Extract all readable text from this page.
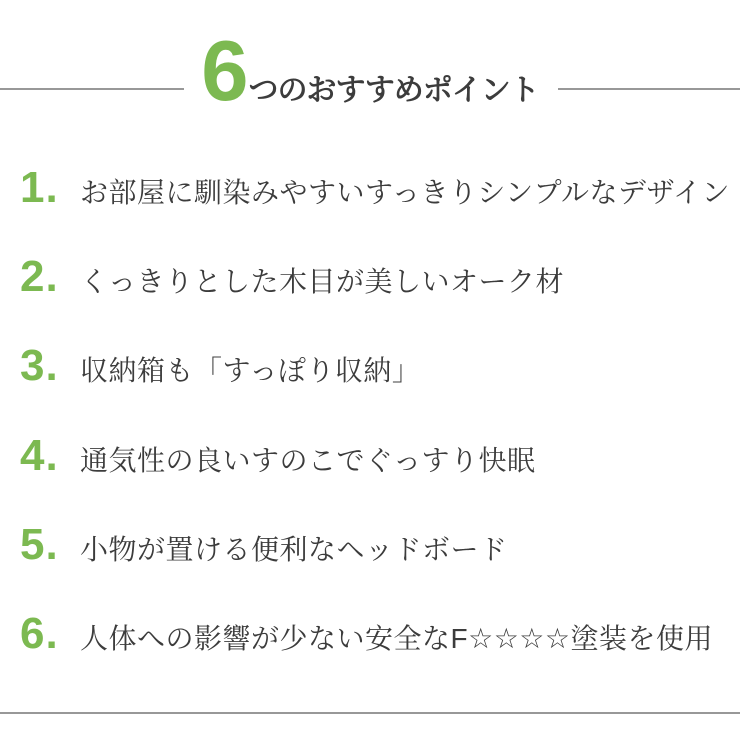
6つのおすすめポイント
1. お部屋に馴染みやすいすっきりシンプルなデザイン
2. くっきりとした木目が美しいオーク材
3. 収納箱も「すっぽり収納」
4. 通気性の良いすのこでぐっすり快眠
5. 小物が置ける便利なヘッドボード
6. 人体への影響が少ない安全なF☆☆☆☆塗装を使用
